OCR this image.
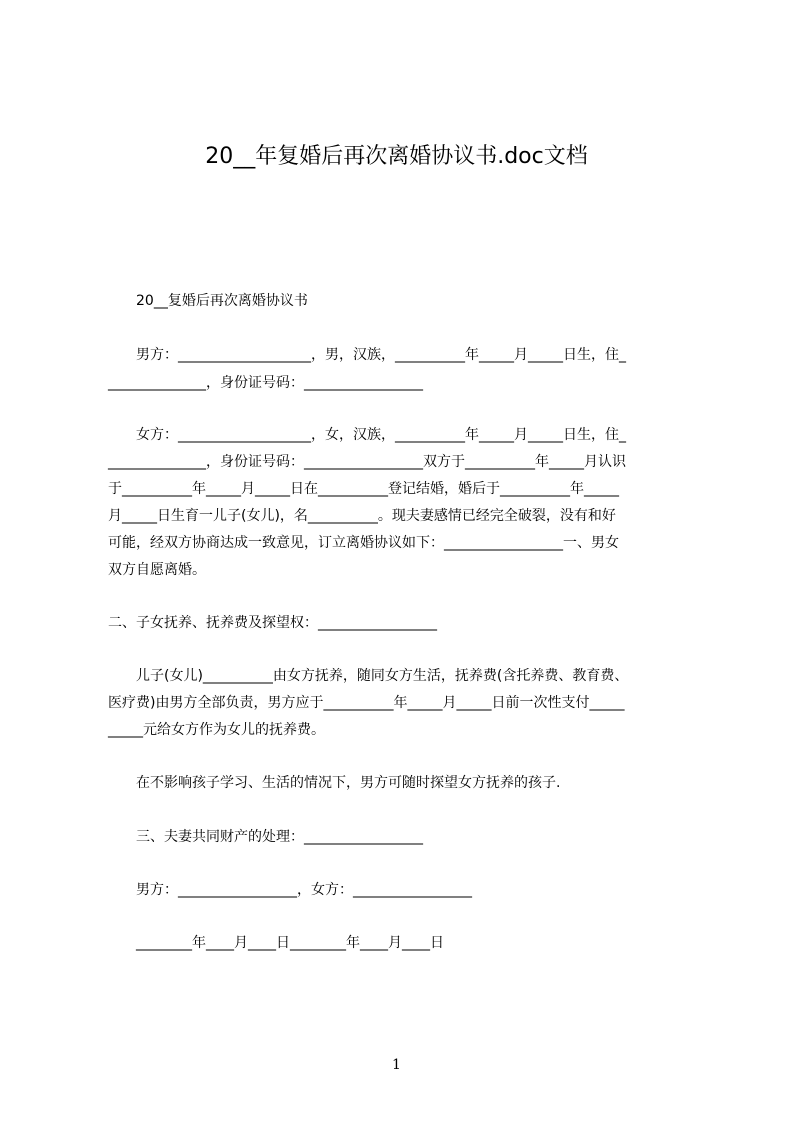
20__年复婚后再次离婚协议书.doc文档
20__复婚后再次离婚协议书
男方：___________________，男，汉族，__________年_____月_____日生，住_
______________，身份证号码：_________________
女方：___________________，女，汉族，__________年_____月_____日生，住_
______________，身份证号码：_________________双方于__________年_____月认识
于__________年_____月_____日在__________登记结婚，婚后于__________年_____
月_____日生育一儿子(女儿)，名__________。现夫妻感情已经完全破裂，没有和好
可能，经双方协商达成一致意见，订立离婚协议如下：_________________一、男女
双方自愿离婚。
二、子女抚养、抚养费及探望权：_________________
儿子(女儿)__________由女方抚养，随同女方生活，抚养费(含托养费、教育费、
医疗费)由男方全部负责，男方应于__________年_____月_____日前一次性支付_____
_____元给女方作为女儿的抚养费。
在不影响孩子学习、生活的情况下，男方可随时探望女方抚养的孩子.
三、夫妻共同财产的处理：_________________
男方：_________________，女方：_________________
________年____月____日________年____月____日
1
